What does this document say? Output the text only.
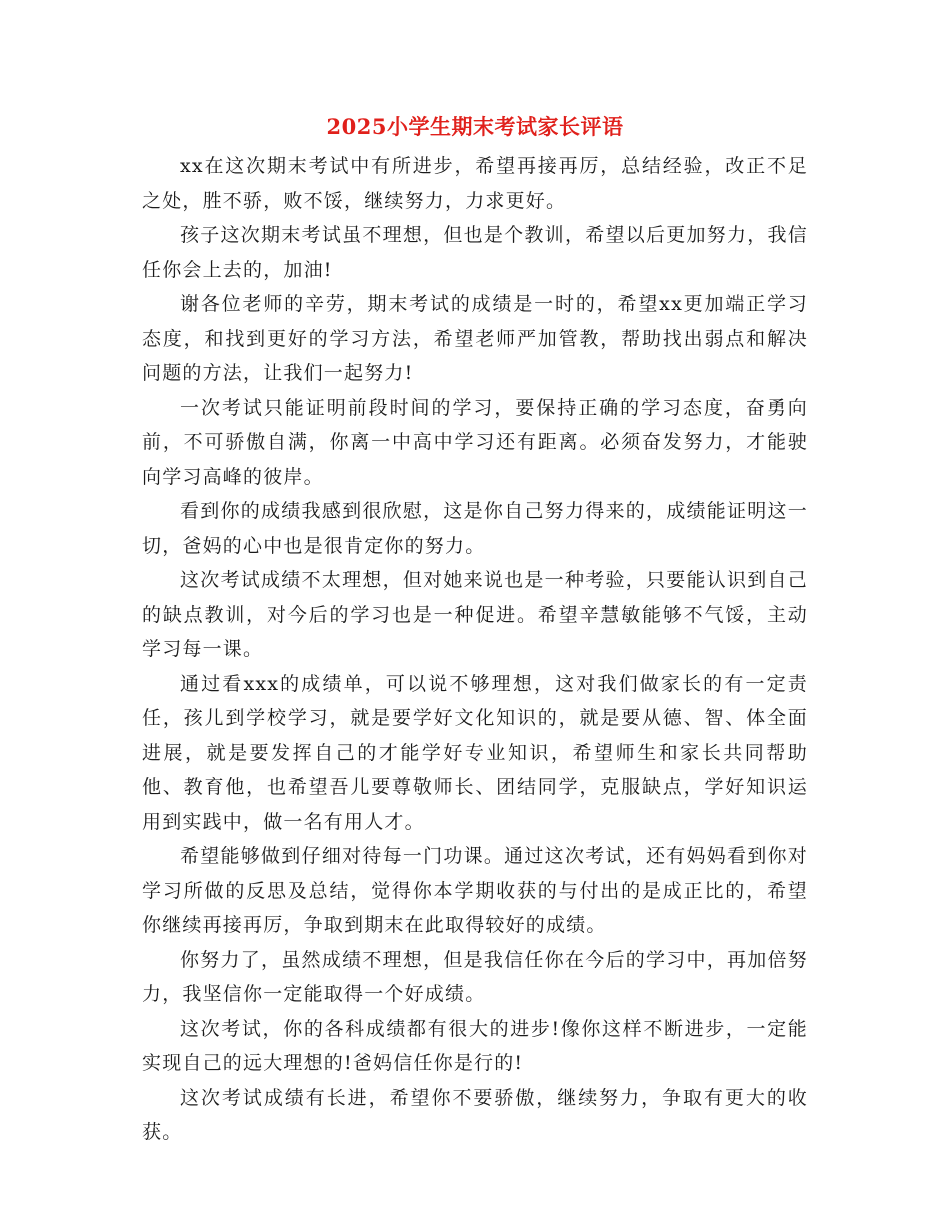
2025小学生期末考试家长评语

xx在这次期末考试中有所进步，希望再接再厉，总结经验，改正不足之处，胜不骄，败不馁，继续努力，力求更好。

孩子这次期末考试虽不理想，但也是个教训，希望以后更加努力，我信任你会上去的，加油!

谢各位老师的辛劳，期末考试的成绩是一时的，希望xx更加端正学习态度，和找到更好的学习方法，希望老师严加管教，帮助找出弱点和解决问题的方法，让我们一起努力!

一次考试只能证明前段时间的学习，要保持正确的学习态度，奋勇向前，不可骄傲自满，你离一中高中学习还有距离。必须奋发努力，才能驶向学习高峰的彼岸。

看到你的成绩我感到很欣慰，这是你自己努力得来的，成绩能证明这一切，爸妈的心中也是很肯定你的努力。

这次考试成绩不太理想，但对她来说也是一种考验，只要能认识到自己的缺点教训，对今后的学习也是一种促进。希望辛慧敏能够不气馁，主动学习每一课。

通过看xxx的成绩单，可以说不够理想，这对我们做家长的有一定责任，孩儿到学校学习，就是要学好文化知识的，就是要从德、智、体全面进展，就是要发挥自己的才能学好专业知识，希望师生和家长共同帮助他、教育他，也希望吾儿要尊敬师长、团结同学，克服缺点，学好知识运用到实践中，做一名有用人才。

希望能够做到仔细对待每一门功课。通过这次考试，还有妈妈看到你对学习所做的反思及总结，觉得你本学期收获的与付出的是成正比的，希望你继续再接再厉，争取到期末在此取得较好的成绩。

你努力了，虽然成绩不理想，但是我信任你在今后的学习中，再加倍努力，我坚信你一定能取得一个好成绩。

这次考试，你的各科成绩都有很大的进步!像你这样不断进步，一定能实现自己的远大理想的!爸妈信任你是行的!

这次考试成绩有长进，希望你不要骄傲，继续努力，争取有更大的收获。
